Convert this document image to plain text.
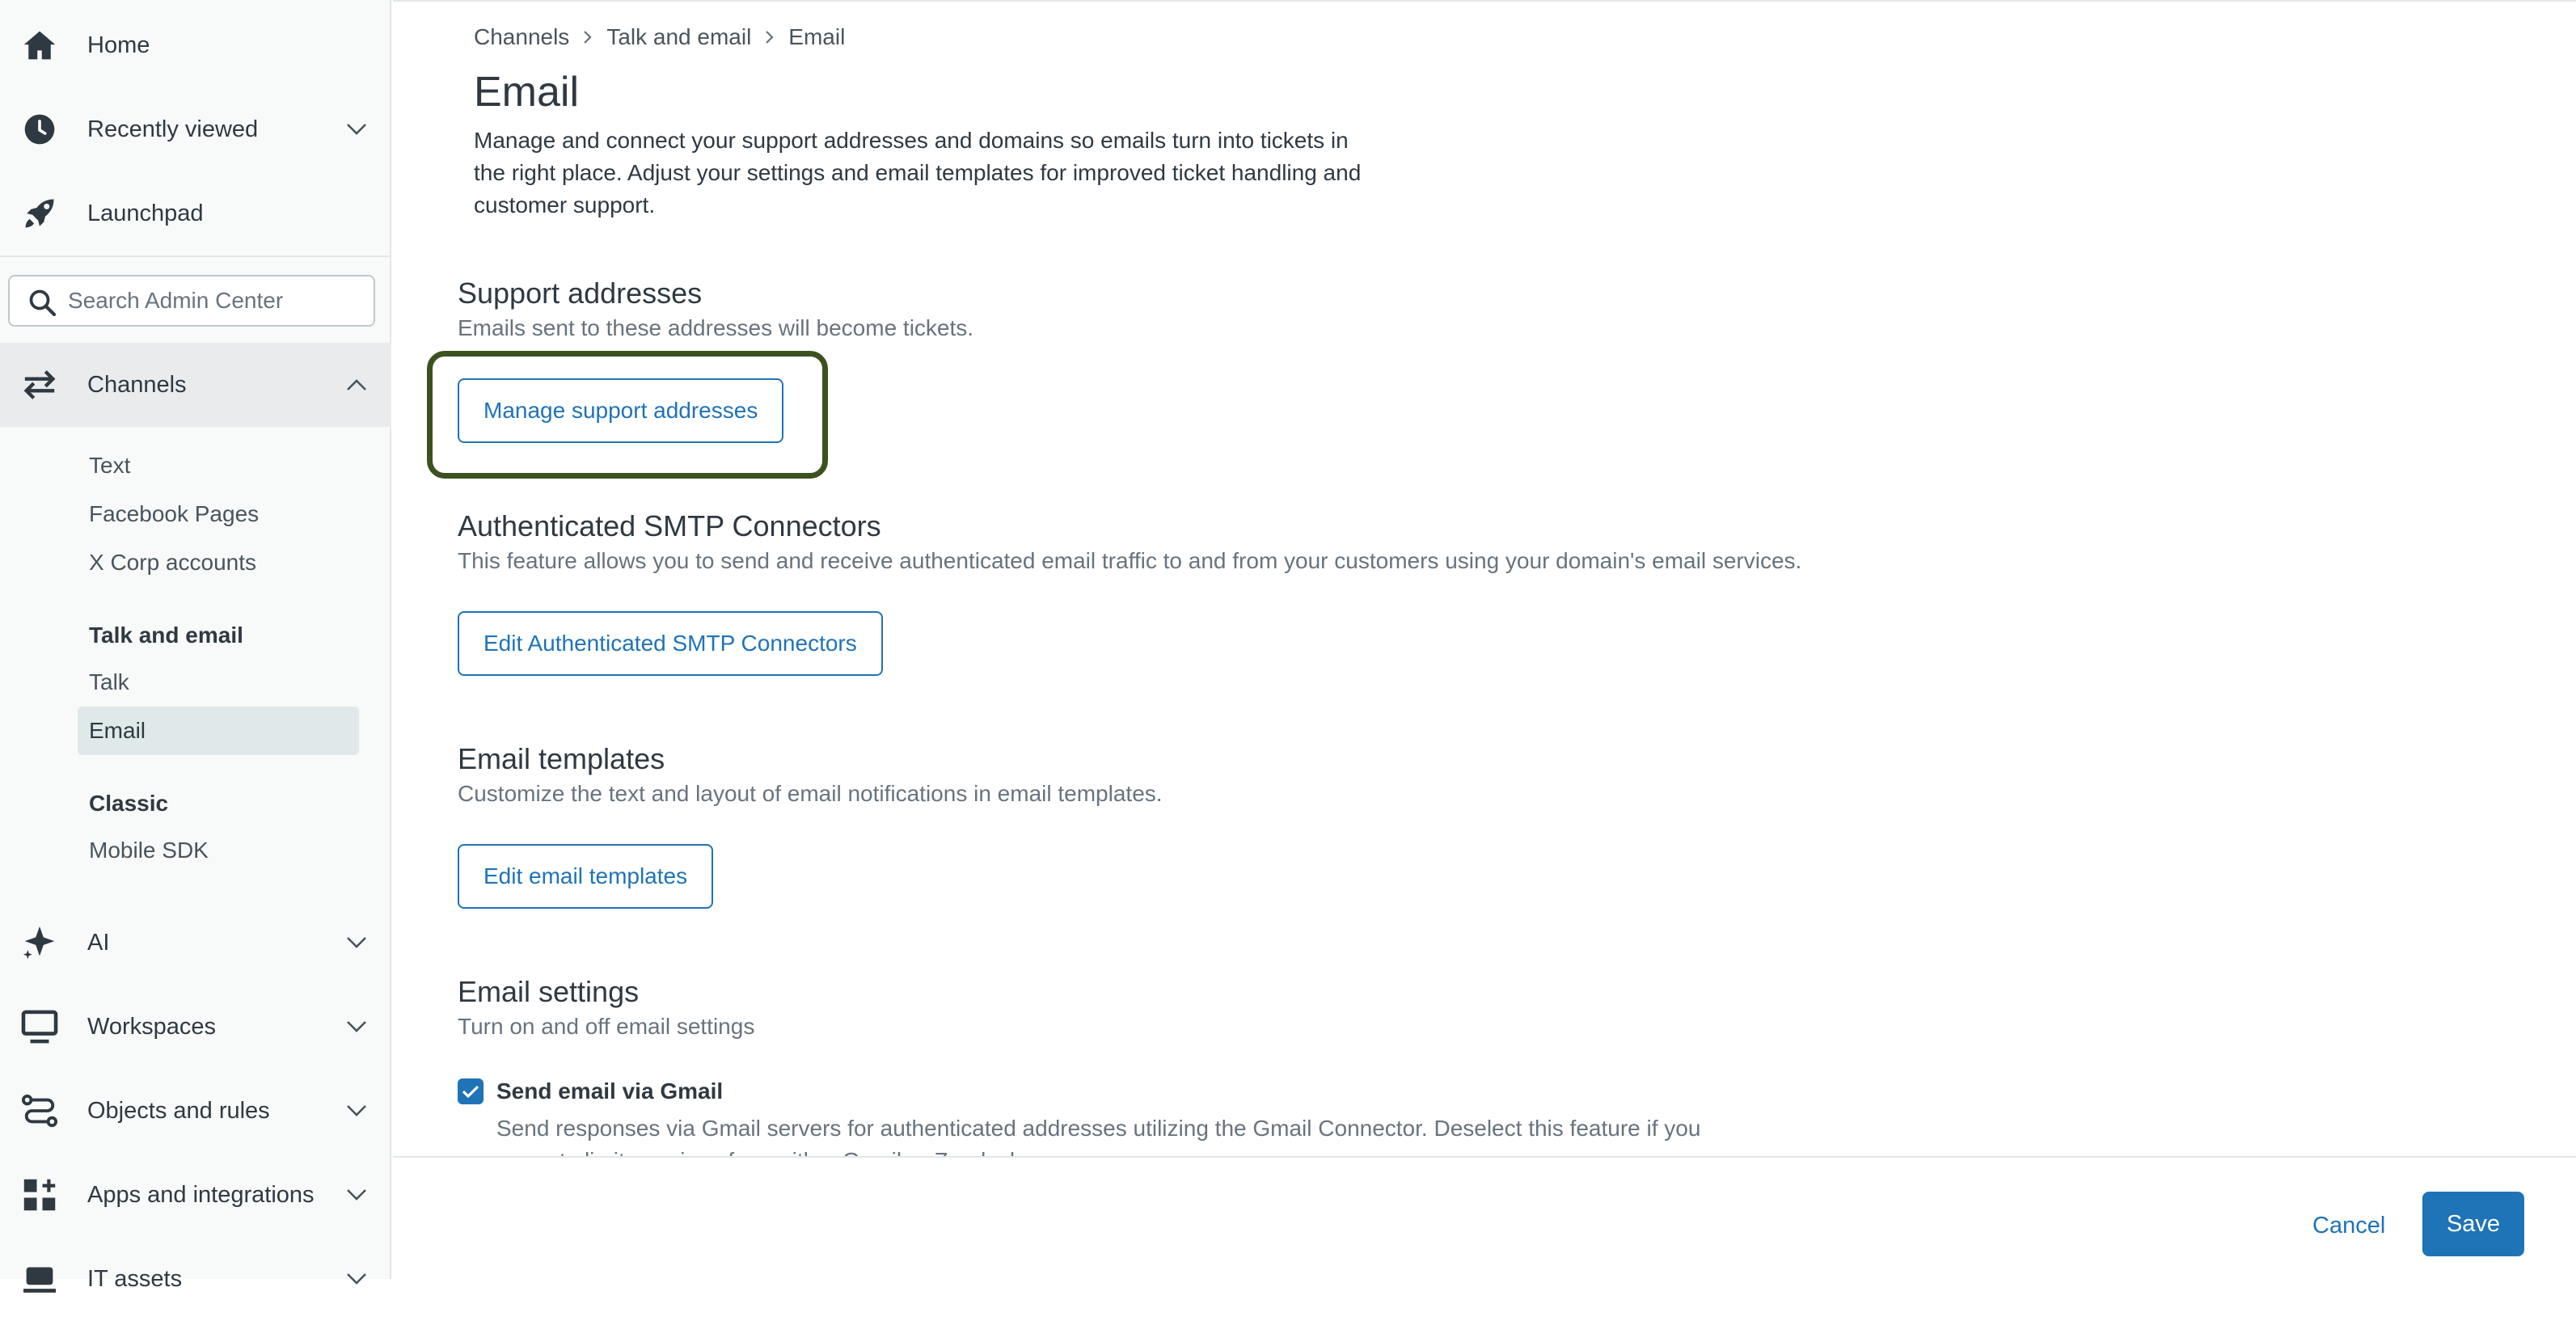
Home
Recently viewed
Launchpad
Search Admin Center
Channels
Text
Facebook Pages
X Corp accounts
Talk and email
Talk
Email
Classic
Mobile SDK
AI
Workspaces
Objects and rules
Apps and integrations
IT assets
Channels Talk and email Email
Email

Manage and connect your support addresses and domains so emails turn into tickets in the right place. Adjust your settings and email templates for improved ticket handling and customer support.

Support addresses
Emails sent to these addresses will become tickets.
Manage support addresses
Authenticated SMTP Connectors
This feature allows you to send and receive authenticated email traffic to and from your customers using your domain's email services.
Edit Authenticated SMTP Connectors
Email templates
Customize the text and layout of email notifications in email templates.
Edit email templates
Email settings
Turn on and off email settings
Send email via Gmail
Send responses via Gmail servers for authenticated addresses utilizing the Gmail Connector. Deselect this feature if you
Cancel	Save
